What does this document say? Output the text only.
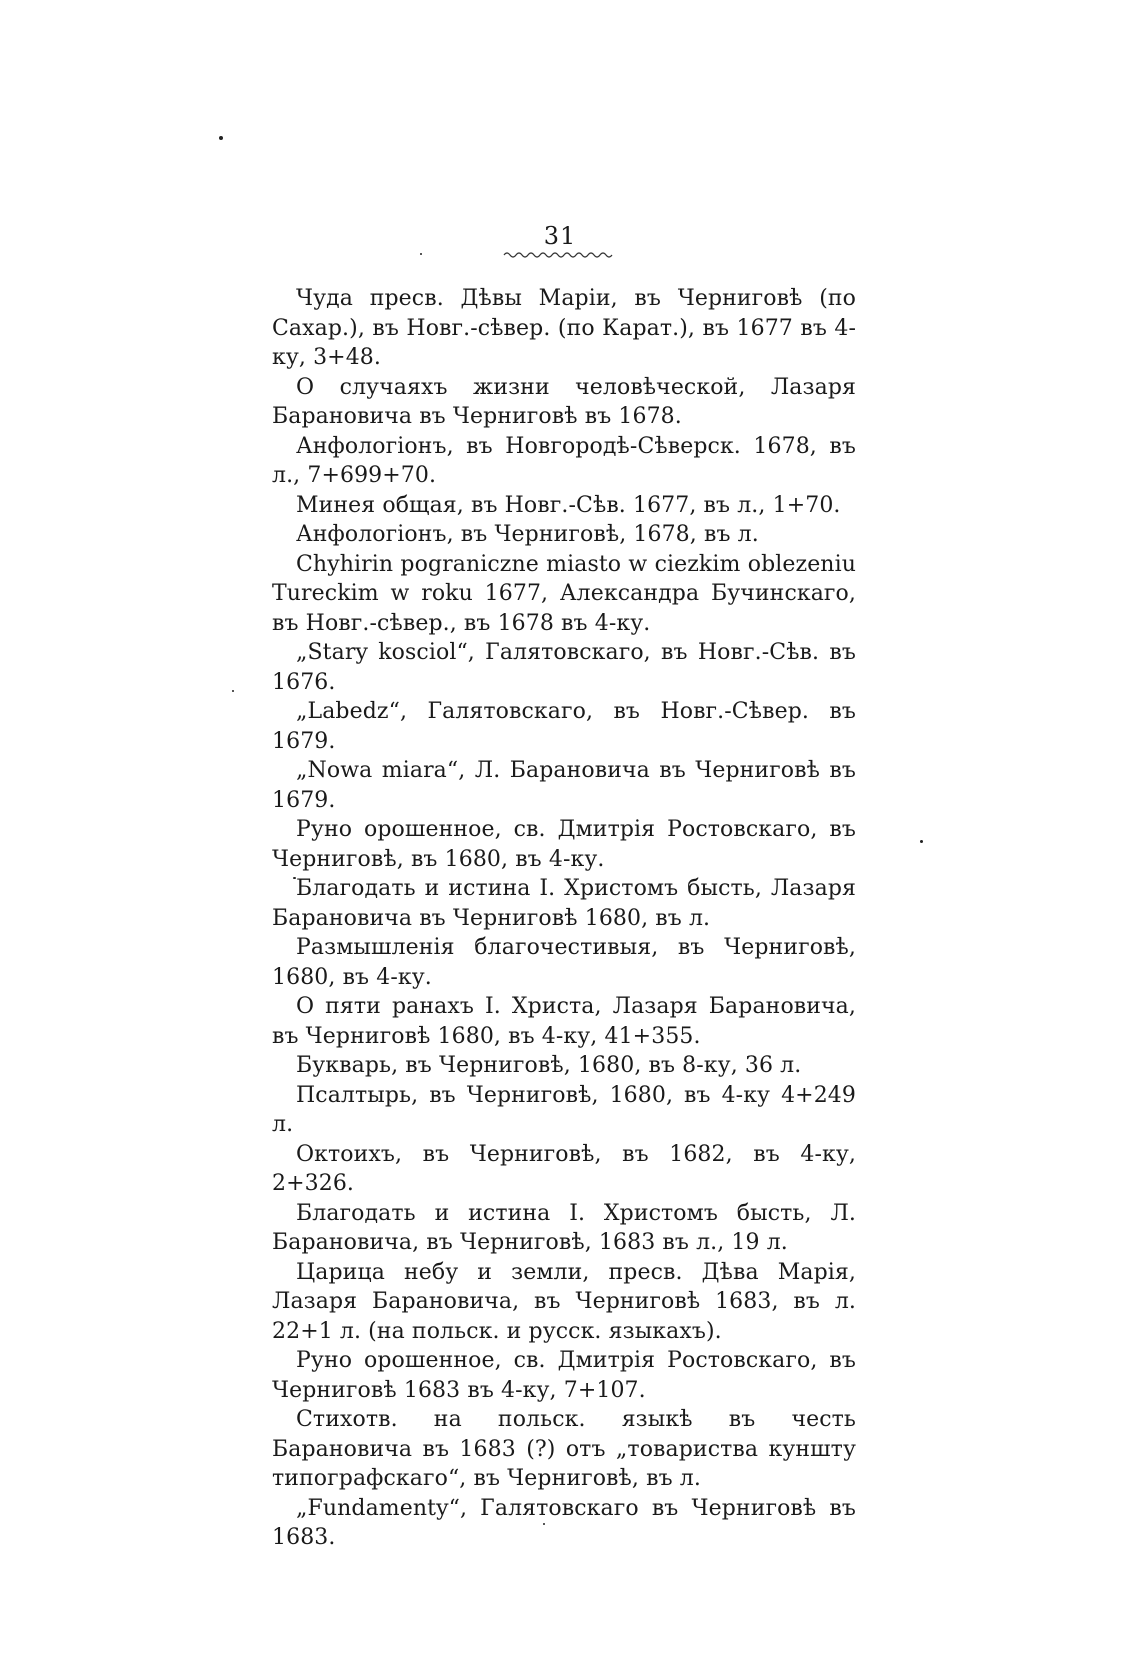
31

Чуда пресв. Дѣвы Маріи, въ Черниговѣ (по Сахар.), въ Новг.-сѣвер. (по Карат.), въ 1677 въ 4-ку, 3+48.

О случаяхъ жизни человѣческой, Лазаря Барановича въ Черниговѣ въ 1678.

Анфологіонъ, въ Новгородѣ-Сѣверск. 1678, въ л., 7+699+70.

Минея общая, въ Новг.-Сѣв. 1677, въ л., 1+70.

Анфологіонъ, въ Черниговѣ, 1678, въ л.

Chyhirin pograniczne miasto w ciezkim oblezeniu Tureckim w roku 1677, Александра Бучинскаго, въ Новг.-сѣвер., въ 1678 въ 4-ку.

„Stary kosciol“, Галятовскаго, въ Новг.-Сѣв. въ 1676.

„Labedz“, Галятовскаго, въ Новг.-Сѣвер. въ 1679.

„Nowa miara“, Л. Барановича въ Черниговѣ въ 1679.

Руно орошенное, св. Дмитрія Ростовскаго, въ Черниговѣ, въ 1680, въ 4-ку.

Благодать и истина І. Христомъ бысть, Лазаря Барановича въ Черниговѣ 1680, въ л.

Размышленія благочестивыя, въ Черниговѣ, 1680, въ 4-ку.

О пяти ранахъ І. Христа, Лазаря Барановича, въ Черниговѣ 1680, въ 4-ку, 41+355.

Букварь, въ Черниговѣ, 1680, въ 8-ку, 36 л.

Псалтырь, въ Черниговѣ, 1680, въ 4-ку 4+249 л.

Октоихъ, въ Черниговѣ, въ 1682, въ 4-ку, 2+326.

Благодать и истина І. Христомъ бысть, Л. Барановича, въ Черниговѣ, 1683 въ л., 19 л.

Царица небу и земли, пресв. Дѣва Марія, Лазаря Барановича, въ Черниговѣ 1683, въ л. 22+1 л. (на польск. и русск. языкахъ).

Руно орошенное, св. Дмитрія Ростовскаго, въ Черниговѣ 1683 въ 4-ку, 7+107.

Стихотв. на польск. языкѣ въ честь Барановича въ 1683 (?) отъ „товариства куншту типографскаго“, въ Черниговѣ, въ л.

„Fundamenty“, Галятовскаго въ Черниговѣ въ 1683.
